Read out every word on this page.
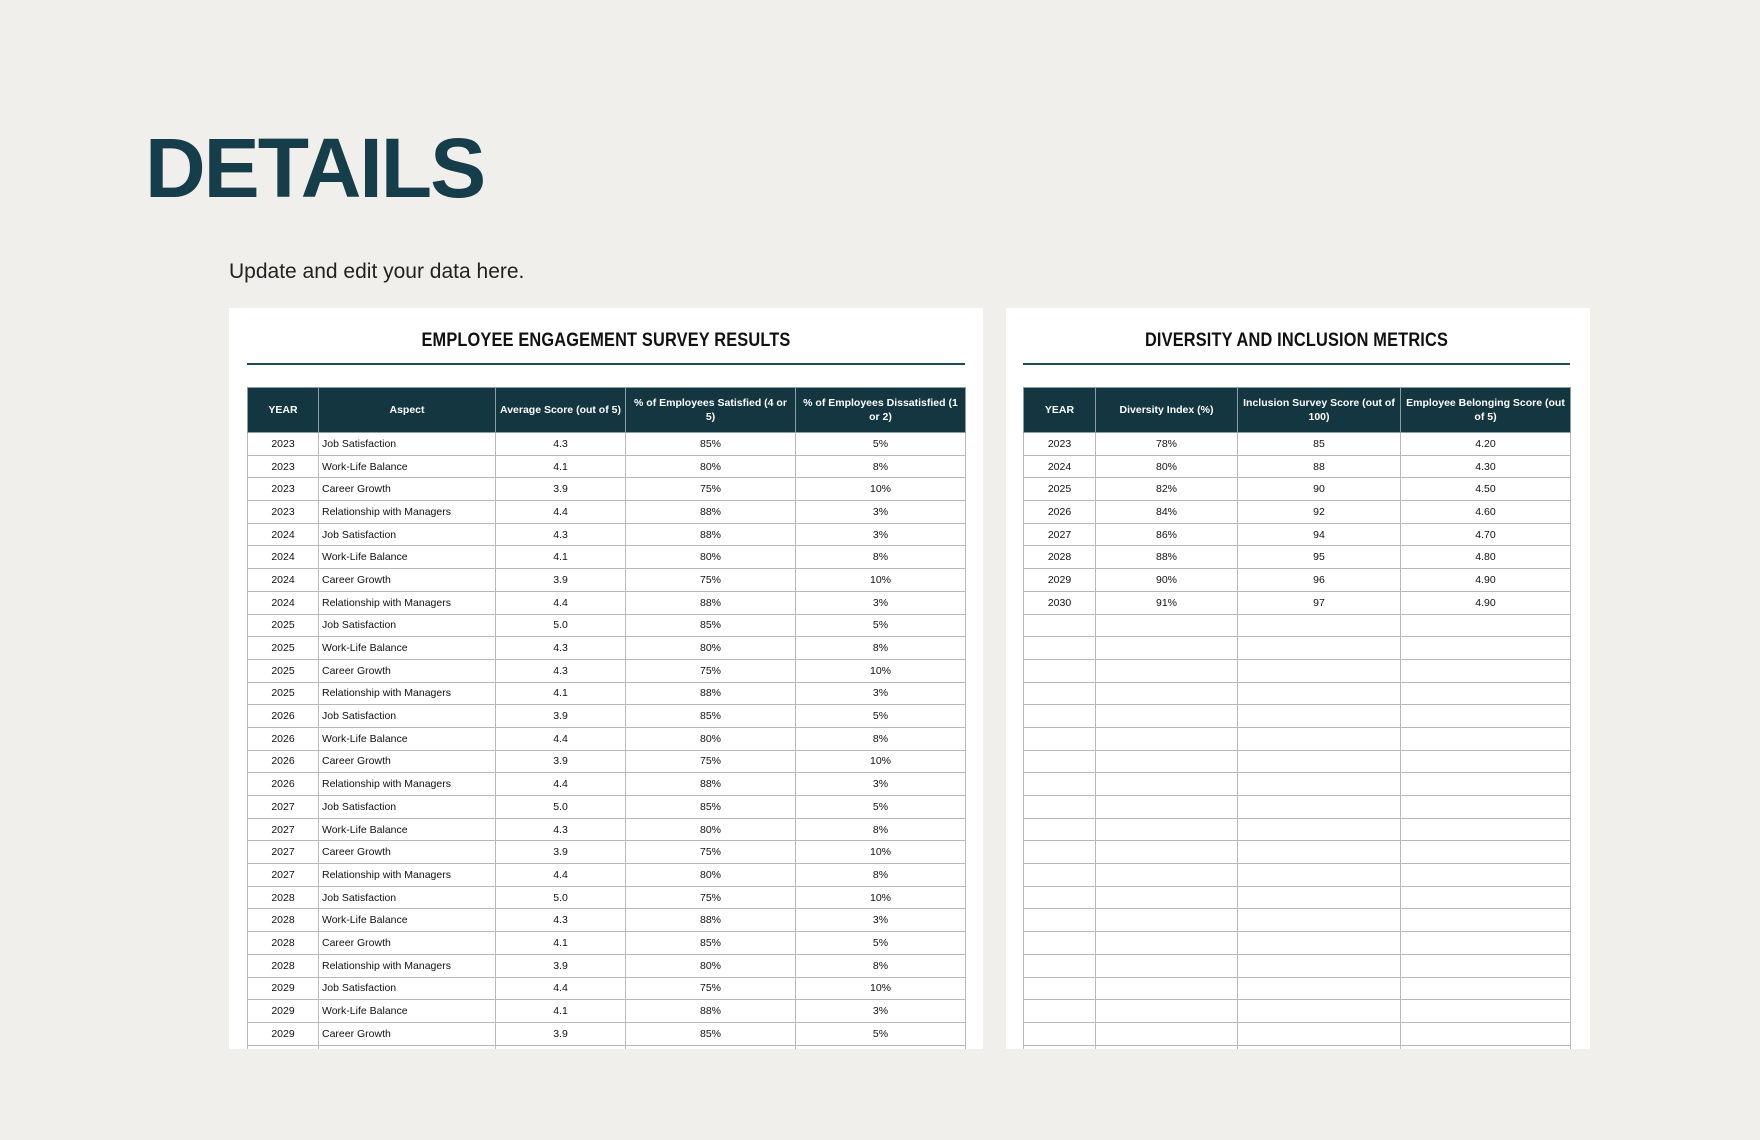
DETAILS

Update and edit your data here.

EMPLOYEE ENGAGEMENT SURVEY RESULTS
YEAR	Aspect	Average Score (out of 5)	% of Employees Satisfied (4 or 5)	% of Employees Dissatisfied (1 or 2)
2023	Job Satisfaction	4.3	85%	5%
2023	Work-Life Balance	4.1	80%	8%
2023	Career Growth	3.9	75%	10%
2023	Relationship with Managers	4.4	88%	3%
2024	Job Satisfaction	4.3	88%	3%
2024	Work-Life Balance	4.1	80%	8%
2024	Career Growth	3.9	75%	10%
2024	Relationship with Managers	4.4	88%	3%
2025	Job Satisfaction	5.0	85%	5%
2025	Work-Life Balance	4.3	80%	8%
2025	Career Growth	4.3	75%	10%
2025	Relationship with Managers	4.1	88%	3%
2026	Job Satisfaction	3.9	85%	5%
2026	Work-Life Balance	4.4	80%	8%
2026	Career Growth	3.9	75%	10%
2026	Relationship with Managers	4.4	88%	3%
2027	Job Satisfaction	5.0	85%	5%
2027	Work-Life Balance	4.3	80%	8%
2027	Career Growth	3.9	75%	10%
2027	Relationship with Managers	4.4	80%	8%
2028	Job Satisfaction	5.0	75%	10%
2028	Work-Life Balance	4.3	88%	3%
2028	Career Growth	4.1	85%	5%
2028	Relationship with Managers	3.9	80%	8%
2029	Job Satisfaction	4.4	75%	10%
2029	Work-Life Balance	4.1	88%	3%
2029	Career Growth	3.9	85%	5%

DIVERSITY AND INCLUSION METRICS
YEAR	Diversity Index (%)	Inclusion Survey Score (out of 100)	Employee Belonging Score (out of 5)
2023	78%	85	4.20
2024	80%	88	4.30
2025	82%	90	4.50
2026	84%	92	4.60
2027	86%	94	4.70
2028	88%	95	4.80
2029	90%	96	4.90
2030	91%	97	4.90
